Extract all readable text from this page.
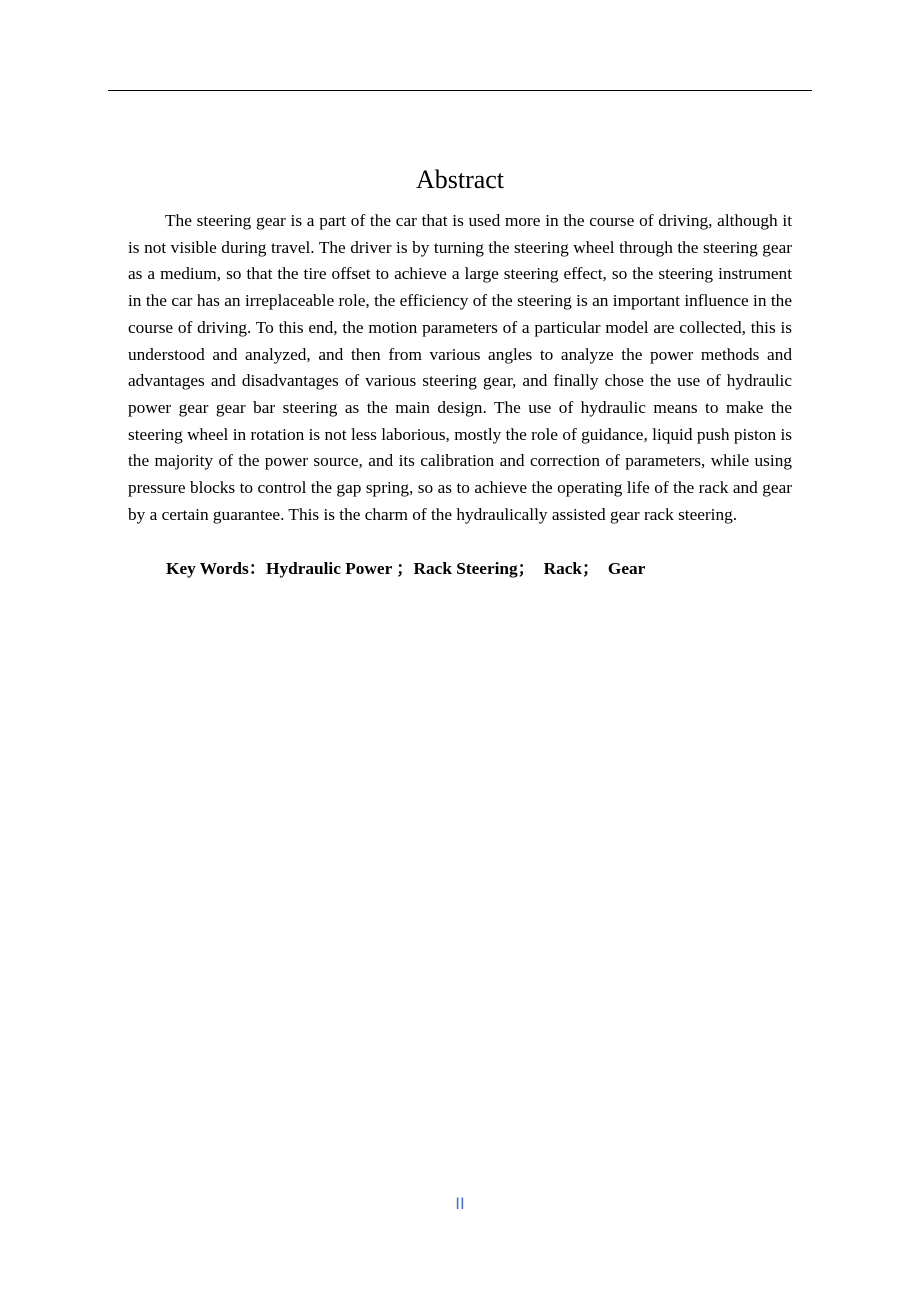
Abstract

The steering gear is a part of the car that is used more in the course of driving, although it is not visible during travel. The driver is by turning the steering wheel through the steering gear as a medium, so that the tire offset to achieve a large steering effect, so the steering instrument in the car has an irreplaceable role, the efficiency of the steering is an important influence in the course of driving. To this end, the motion parameters of a particular model are collected, this is understood and analyzed, and then from various angles to analyze the power methods and advantages and disadvantages of various steering gear, and finally chose the use of hydraulic power gear gear bar steering as the main design. The use of hydraulic means to make the steering wheel in rotation is not less laborious, mostly the role of guidance, liquid push piston is the majority of the power source, and its calibration and correction of parameters, while using pressure blocks to control the gap spring, so as to achieve the operating life of the rack and gear by a certain guarantee. This is the charm of the hydraulically assisted gear rack steering.

Key Words：Hydraulic Power ；Rack Steering；  Rack；  Gear
II
